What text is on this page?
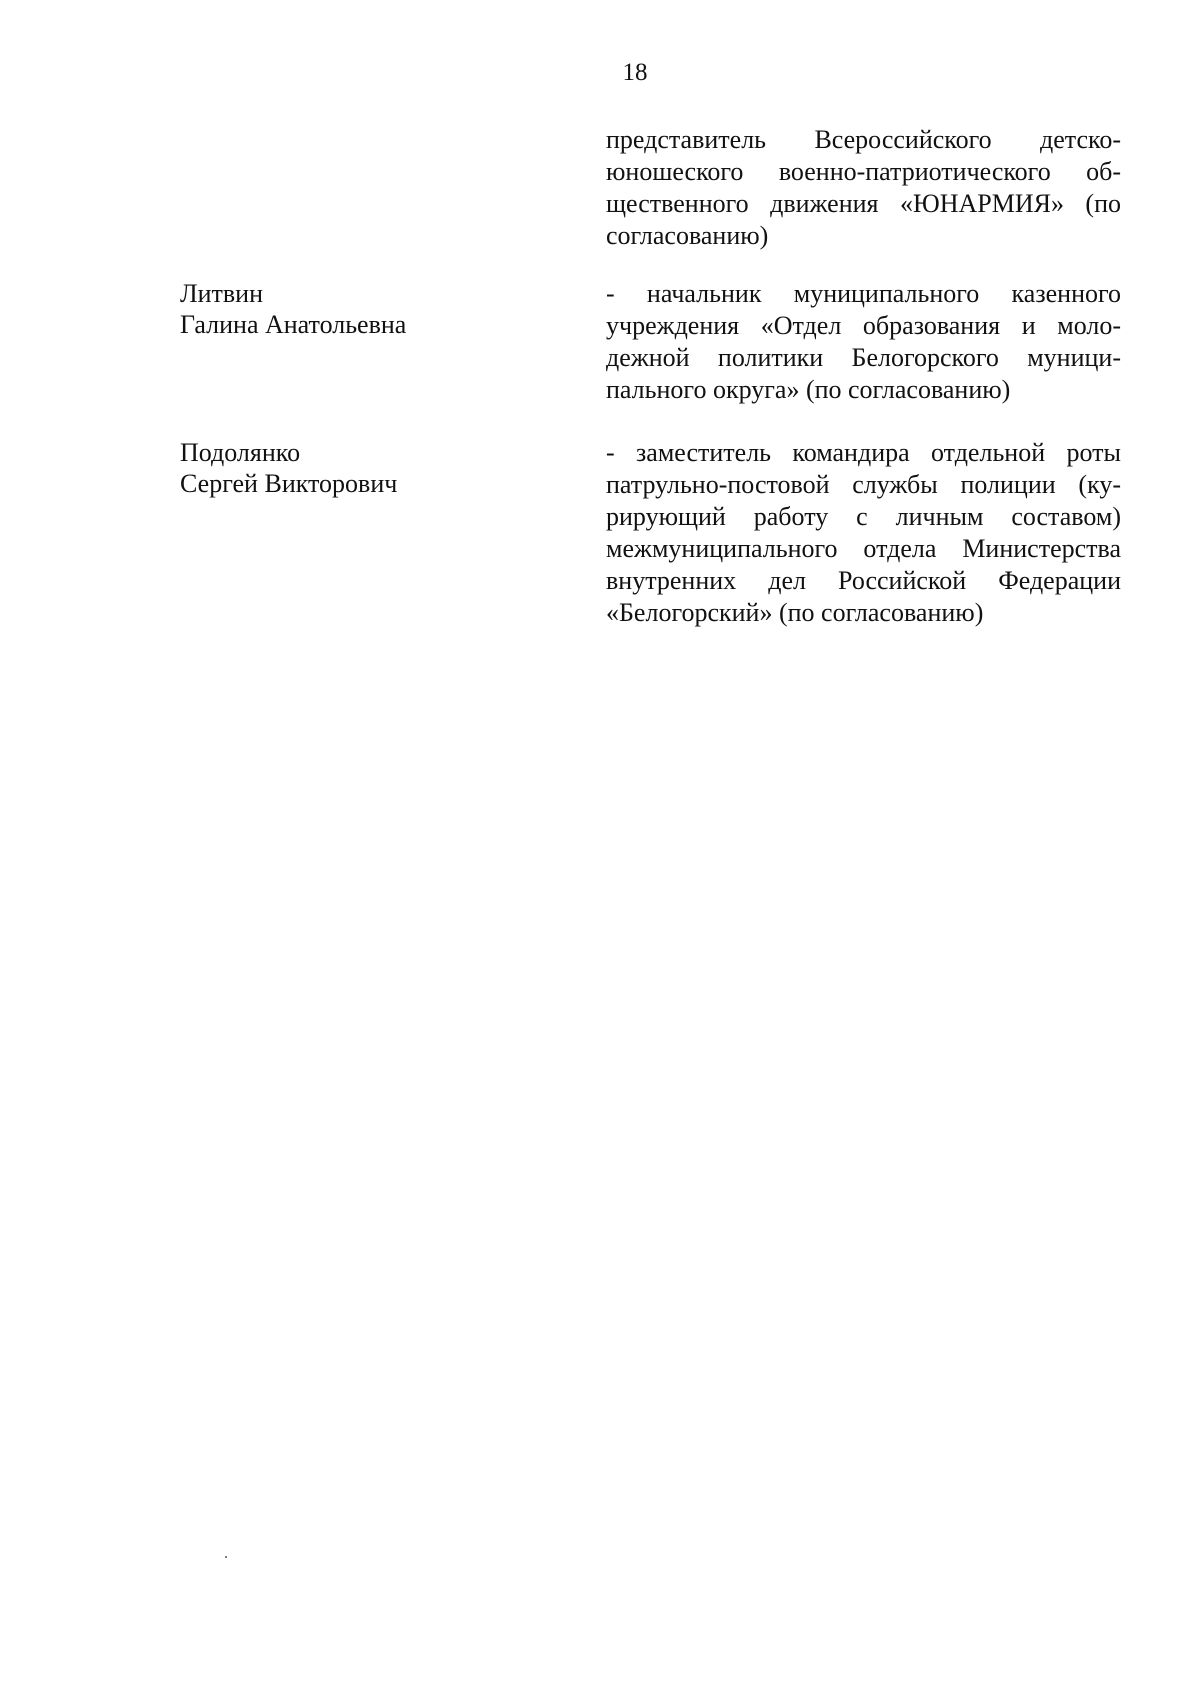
18
представитель Всероссийского детско-
юношеского военно-патриотического об-
щественного движения «ЮНАРМИЯ» (по
согласованию)
Литвин
Галина Анатольевна
- начальник муниципального казенного
учреждения «Отдел образования и моло-
дежной политики Белогорского муници-
пального округа» (по согласованию)
Подолянко
Сергей Викторович
- заместитель командира отдельной роты
патрульно-постовой службы полиции (ку-
рирующий работу с личным составом)
межмуниципального отдела Министерства
внутренних дел Российской Федерации
«Белогорский» (по согласованию)
